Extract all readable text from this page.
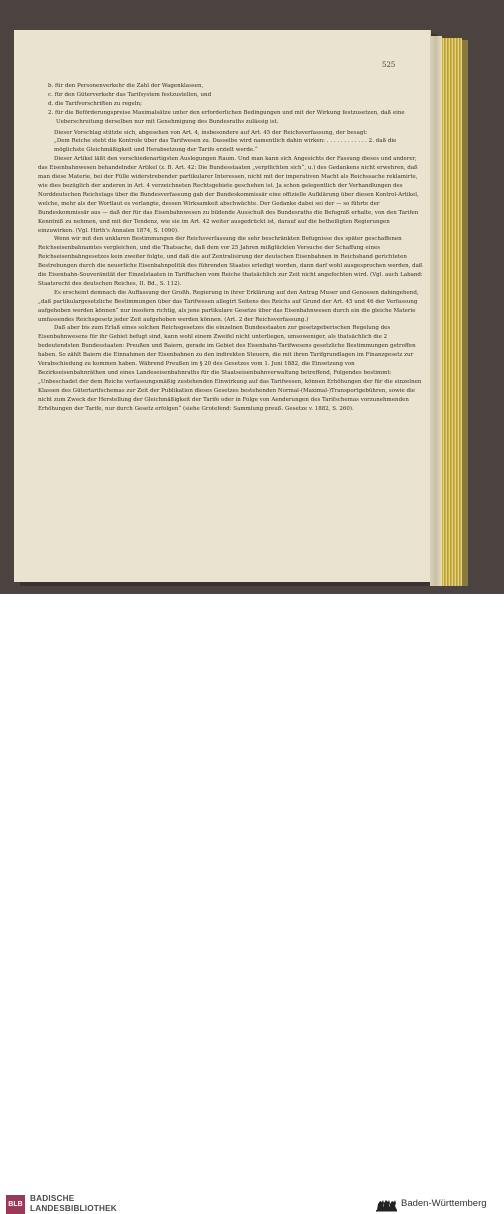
525

b. für den Personenverkehr die Zahl der Wagenklassen,

c. für den Güterverkehr das Tarifsystem festzustellen, und

d. die Tarifvorschriften zu regeln;

2. für die Beförderungspreise Maximalsätze unter den erforderlichen Bedingungen und mit der Wirkung festzusetzen, daß eine Ueberschreitung derselben nur mit Genehmigung des Bundesraths zulässig ist.

Dieser Vorschlag stützte sich, abgesehen von Art. 4, insbesondere auf Art. 45 der Reichsverfassung, der besagt:

„Dem Reiche steht die Kontrole über das Tarifwesen zu. Dasselbe wird namentlich dahin wirken: . . . . . . . . . . . . 2. daß die möglichste Gleichmäßigkeit und Herabsetzung der Tarife erzielt werde.“

Dieser Artikel läßt den verschiedenartigsten Auslegungen Raum. Und man kann sich Angesichts der Fassung dieses und anderer, das Eisenbahnwesen behandelnder Artikel (z. B. Art. 42: Die Bundesstaaten „verpflichten sich“, u.) des Gedankens nicht erwehren, daß man diese Materie, bei der Fülle widerstrebender partikularer Interessen, nicht mit der imperativen Macht als Reichssache reklamirte, wie dies bezüglich der anderen in Art. 4 verzeichneten Rechtsgebiete geschehen ist. Ja schon gelegentlich der Verhandlungen des Norddeutschen Reichstags über die Bundesverfassung gab der Bundeskommissär eine offizielle Aufklärung über diesen Kontrol-Artikel, welche, mehr als der Wortlaut es verlangte, dessen Wirksamkeit abschwächte. Der Gedanke dabei sei der — so führte der Bundeskommissär aus — daß der für das Eisenbahnwesen zu bildende Ausschuß des Bundesraths die Befugniß erhalte, von den Tarifen Kenntniß zu nehmen, und mit der Tendenz, wie sie im Art. 42 weiter ausgedrückt ist, darauf auf die betheiligten Regierungen einzuwirken. (Vgl. Hirth's Annalen 1874, S. 1090).

Wenn wir mit den unklaren Bestimmungen der Reichsverfassung die sehr beschränkten Befugnisse des später geschaffenen Reichseisenbahnamtes vergleichen, und die Thatsache, daß dem vor 25 Jahren mißglückten Versuche der Schaffung eines Reichseisenbahngesetzes kein zweiter folgte, und daß die auf Zentralisirung der deutschen Eisenbahnen in Reichshand gerichteten Bestrebungen durch die neuerliche Eisenbahnpolitik des führenden Staates erledigt worden, dann darf wohl ausgesprochen werden, daß die Eisenbahn-Souveränität der Einzelstaaten in Tariffachen vom Reiche thatsächlich zur Zeit nicht angefochten wird. (Vgl. auch Laband: Staatsrecht des deutschen Reiches, II. Bd., S. 112).

Es erscheint demnach die Auffassung der Großh. Regierung in ihrer Erklärung auf den Antrag Muser und Genossen dahingehend, „daß partikulargesetzliche Bestimmungen über das Tarifwesen allegirt Seitens des Reichs auf Grund der Art. 45 und 46 der Verfassung aufgehoben werden können“ nur insofern richtig, als jene partikulare Gesetze über das Eisenbahnwesen durch ein die gleiche Materie umfassendes Reichsgesetz jeder Zeit aufgehoben werden können. (Art. 2 der Reichsverfassung.)

Daß aber bis zum Erlaß eines solchen Reichsgesetzes die einzelnen Bundesstaaten zur gesetzgeberischen Regelung des Eisenbahnwesens für ihr Gebiet befugt sind, kann wohl einem Zweifel nicht unterliegen, umsoweniger, als thatsächlich die 2 bedeutendsten Bundesstaaten: Preußen und Baiern, gerade im Gebiet des Eisenbahn-Tarifwesens gesetzliche Bestimmungen getroffen haben. So zählt Baiern die Einnahmen der Eisenbahnen zu den indirekten Steuern, die mit ihren Tarifgrundlagen im Finanzgesetz zur Verabschiedung zu kommen haben. Während Preußen im § 20 des Gesetzes vom 1. Juni 1882, die Einsetzung von Bezirkseisenbahnräthen und eines Landeseisenbahnraths für die Staatseisenbahnverwaltung betreffend, Folgendes bestimmt: „Unbeschadet der dem Reiche verfassungsmäßig zustehenden Einwirkung auf das Tarifwesen, können Erhöhungen der für die einzelnen Klassen des Gütertarifschemas zur Zeit der Publikation dieses Gesetzes bestehenden Normal-(Maximal-)Transportgebühren, sowie die nicht zum Zweck der Herstellung der Gleichmäßigkeit der Tarife oder in Folge von Aenderungen des Tarifschemas vorzunehmenden Erhöhungen der Tarife, nur durch Gesetz erfolgen“ (siehe Grotefend: Sammlung preuß. Gesetze v. 1882, S. 260).

BLB
BADISCHE
LANDESBIBLIOTHEK	Baden-Württemberg
